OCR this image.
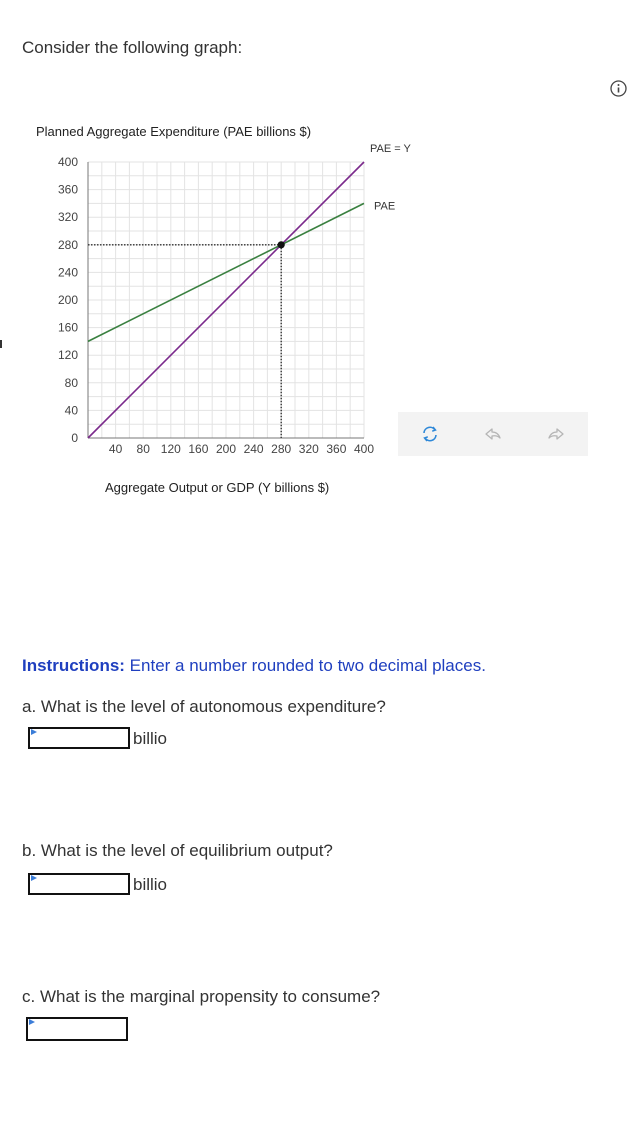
Consider the following graph:
0
40
80
120
160
200
240
280
320
360
400
40 80 120 160 200 240 280 320 360 400
Planned Aggregate Expenditure (PAE billions $)
Aggregate Output or GDP (Y billions $)
PAE = Y
PAE
Instructions: Enter a number rounded to two decimal places.
a. What is the level of autonomous expenditure?
billio
b. What is the level of equilibrium output?
billio
c. What is the marginal propensity to consume?
